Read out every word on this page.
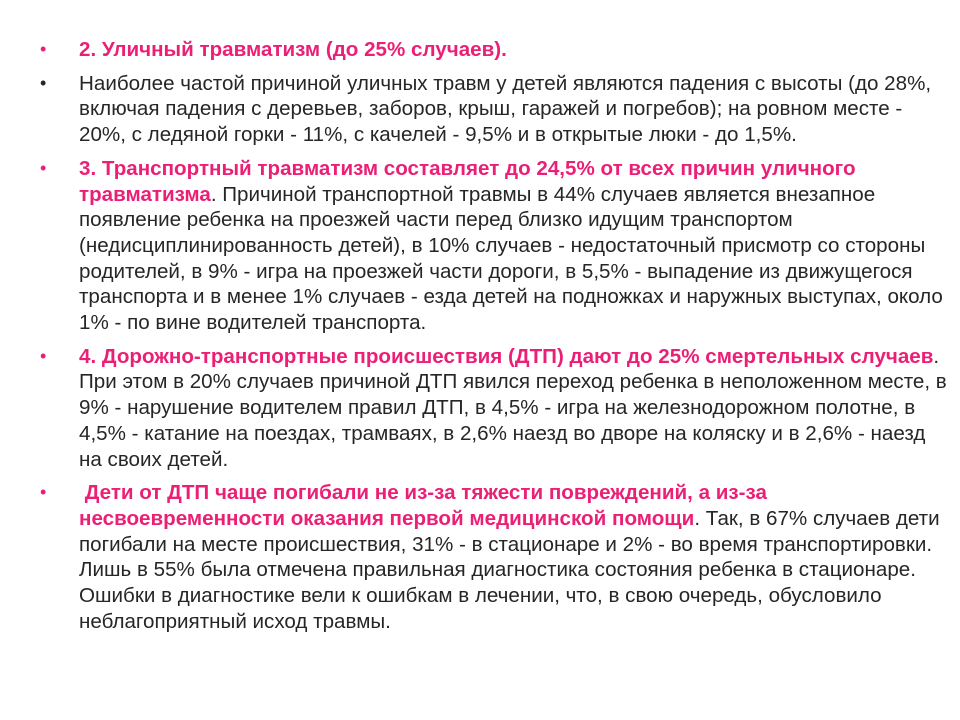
• 2. Уличный травматизм (до 25% случаев).
• Наиболее частой причиной уличных травм у детей являются падения с высоты (до 28%, включая падения с деревьев, заборов, крыш, гаражей и погребов); на ровном месте - 20%, с ледяной горки - 11%, с качелей - 9,5% и в открытые люки - до 1,5%.
• 3. Транспортный травматизм составляет до 24,5% от всех причин уличного травматизма. Причиной транспортной травмы в 44% случаев является внезапное появление ребенка на проезжей части перед близко идущим транспортом (недисциплинированность детей), в 10% случаев - недостаточный присмотр со стороны родителей, в 9% - игра на проезжей части дороги, в 5,5% - выпадение из движущегося транспорта и в менее 1% случаев - езда детей на подножках и наружных выступах, около 1% - по вине водителей транспорта.
• 4. Дорожно-транспортные происшествия (ДТП) дают до 25% смертельных случаев. При этом в 20% случаев причиной ДТП явился переход ребенка в неположенном месте, в 9% - нарушение водителем правил ДТП, в 4,5% - игра на железнодорожном полотне, в 4,5% - катание на поездах, трамваях, в 2,6% наезд во дворе на коляску и в 2,6% - наезд на своих детей.
• Дети от ДТП чаще погибали не из-за тяжести повреждений, а из-за несвоевременности оказания первой медицинской помощи. Так, в 67% случаев дети погибали на месте происшествия, 31% - в стационаре и 2% - во время транспортировки. Лишь в 55% была отмечена правильная диагностика состояния ребенка в стационаре. Ошибки в диагностике вели к ошибкам в лечении, что, в свою очередь, обусловило неблагоприятный исход травмы.
